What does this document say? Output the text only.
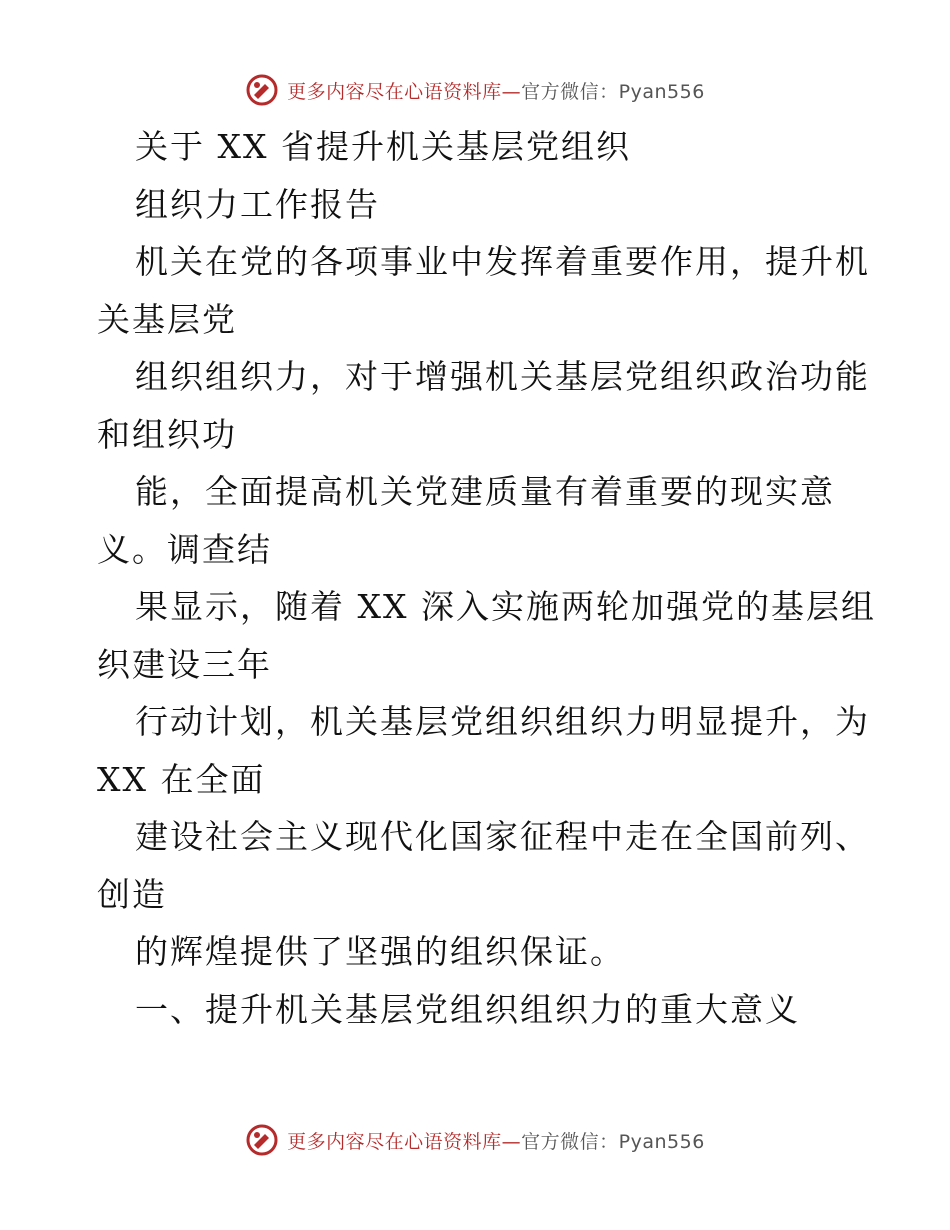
更多内容尽在心语资料库—官方微信：Pyan556
关于 XX 省提升机关基层党组织
组织力工作报告
机关在党的各项事业中发挥着重要作用，提升机
关基层党
组织组织力，对于增强机关基层党组织政治功能
和组织功
能，全面提高机关党建质量有着重要的现实意
义。调查结
果显示，随着 XX 深入实施两轮加强党的基层组
织建设三年
行动计划，机关基层党组织组织力明显提升，为
XX 在全面
建设社会主义现代化国家征程中走在全国前列、
创造
的辉煌提供了坚强的组织保证。
一、提升机关基层党组织组织力的重大意义
更多内容尽在心语资料库—官方微信：Pyan556
